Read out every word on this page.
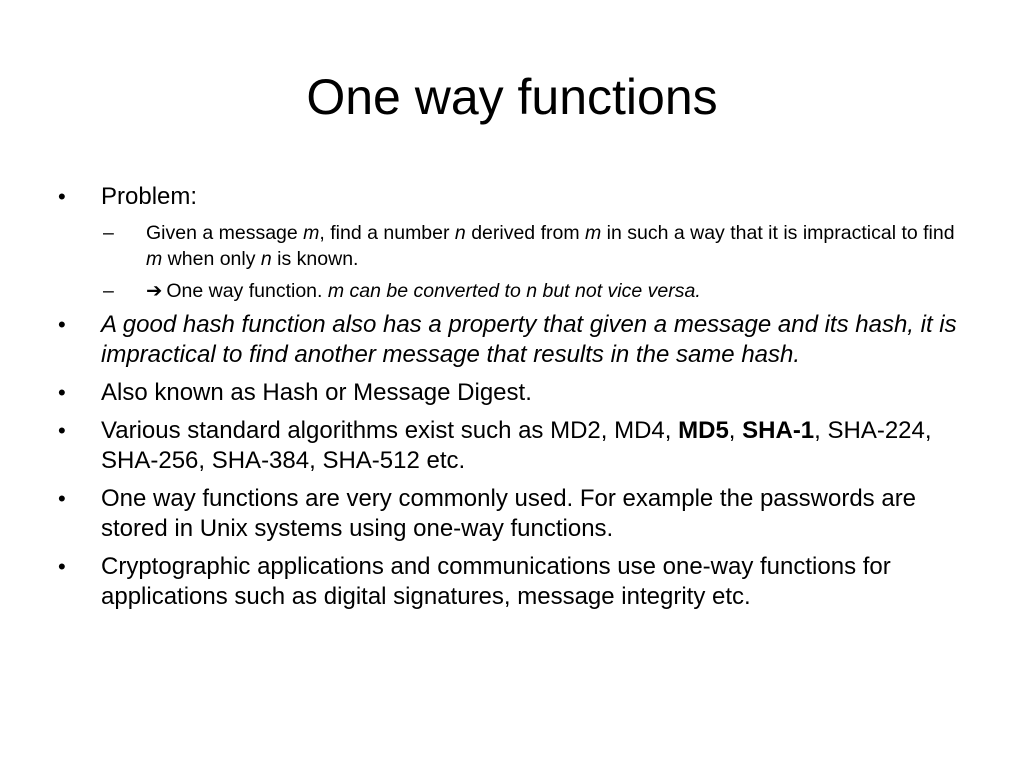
One way functions
•	Problem:
–	Given a message m, find a number n derived from m in such a way that it is impractical to find m when only n is known.
–	➔ One way function. m can be converted to n but not vice versa.
•	A good hash function also has a property that given a message and its hash, it is impractical to find another message that results in the same hash.
•	Also known as Hash or Message Digest.
•	Various standard algorithms exist such as MD2, MD4, MD5, SHA-1, SHA-224, SHA-256, SHA-384, SHA-512 etc.
•	One way functions are very commonly used. For example the passwords are stored in Unix systems using one-way functions.
•	Cryptographic applications and communications use one-way functions for applications such as digital signatures, message integrity etc.
